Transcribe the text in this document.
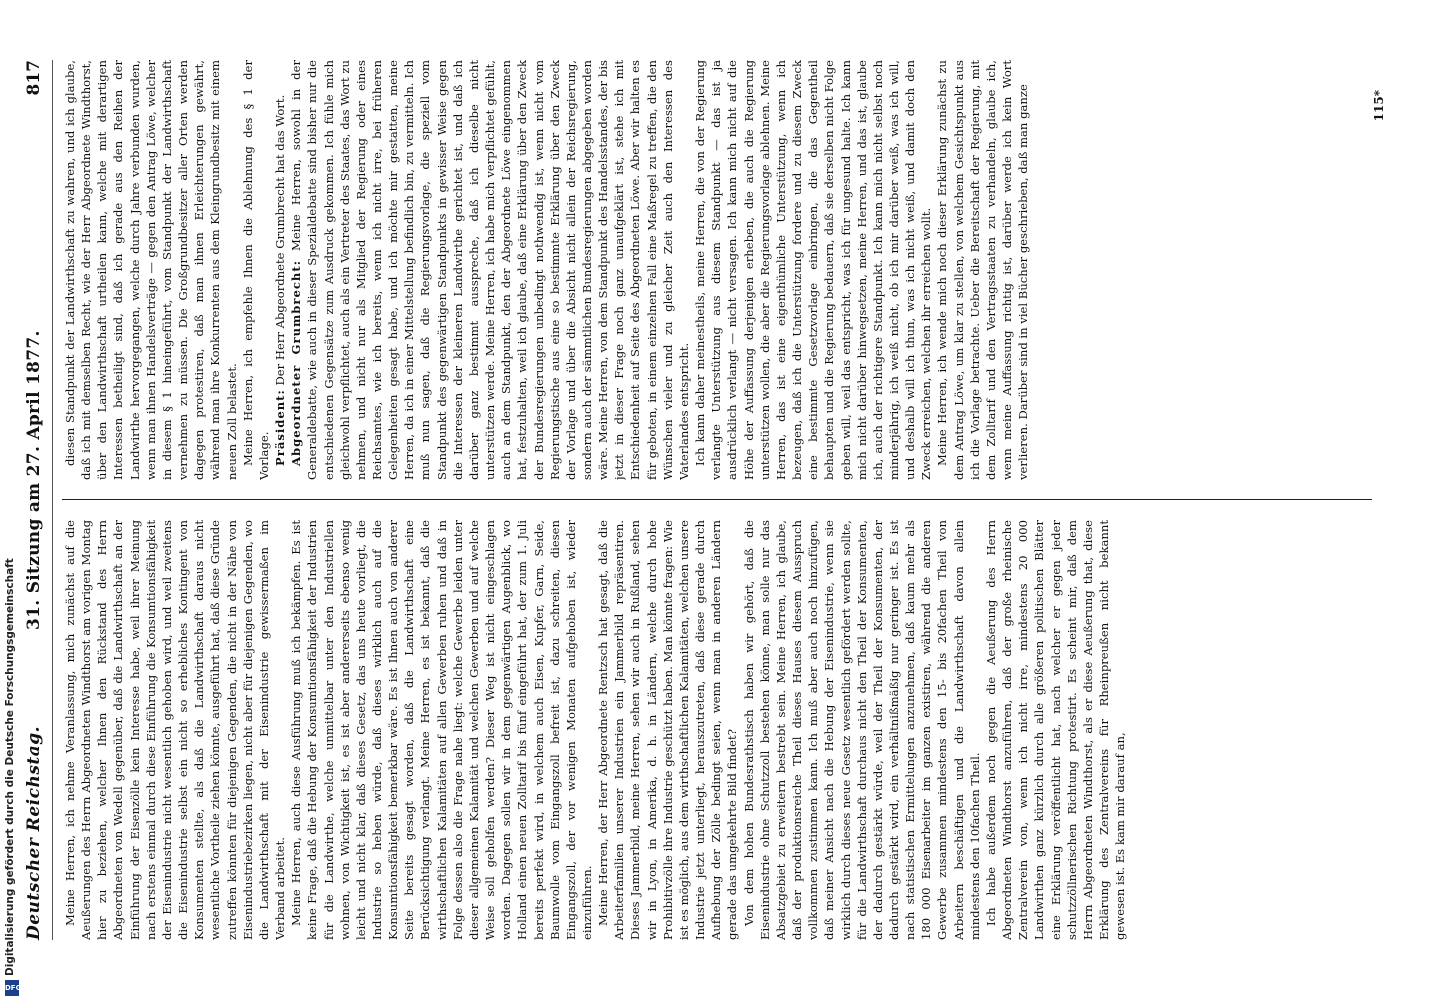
Deutscher Reichstag.
31. Sitzung am 27. April 1877.
817

Meine Herren, ich nehme Veranlassung, mich zunächst auf die Aeußerungen des Herrn Abgeordneten Windthorst am vorigen Montag hier zu beziehen, welcher Ihnen den Rückstand des Herrn Abgeordneten von Wedell gegenüber, daß die Landwirthschaft an der Einführung der Eisenzölle kein Interesse habe, weil ihrer Meinung nach erstens einmal durch diese Einführung die Konsumtionsfähigkeit der Eisenindustrie nicht wesentlich gehoben wird, und weil zweitens die Eisenindustrie selbst ein nicht so erhebliches Kontingent von Konsumenten stellte, als daß die Landwirthschaft daraus nicht wesentliche Vortheile ziehen könnte, ausgeführt hat, daß diese Gründe zutreffen könnten für diejenigen Gegenden, die nicht in der Nähe von Eisenindustriebezirken liegen, nicht aber für diejenigen Gegenden, wo die Landwirthschaft mit der Eisenindustrie gewissermaßen im Verband arbeitet. Meine Herren, auch diese Ausführung muß ich bekämpfen. Es ist keine Frage, daß die Hebung der Konsumtionsfähigkeit der Industrien für die Landwirthe, welche unmittelbar unter den Industriellen wohnen, von Wichtigkeit ist, es ist aber andererseits ebenso wenig leicht und nicht klar, daß dieses Gesetz, das uns heute vorliegt, die Industrie so heben würde, daß dieses wirklich auch auf die Konsumtionsfähigkeit bemerkbar wäre. Es ist Ihnen auch von anderer Seite bereits gesagt worden, daß die Landwirthschaft eine Berücksichtigung verlangt. Meine Herren, es ist bekannt, daß die wirthschaftlichen Kalamitäten auf allen Gewerben ruhen und daß in Folge dessen also die Frage nahe liegt: welche Gewerbe leiden unter dieser allgemeinen Kalamität und welchen Gewerben und auf welche Weise soll geholfen werden? Dieser Weg ist nicht eingeschlagen worden. Dagegen sollen wir in dem gegenwärtigen Augenblick, wo Holland einen neuen Zolltarif bis fünf eingeführt hat, der zum 1. Juli bereits perfekt wird, in welchem auch Eisen, Kupfer, Garn, Seide, Baumwolle vom Eingangszoll befreit ist, dazu schreiten, diesen Eingangszoll, der vor wenigen Monaten aufgehoben ist, wieder einzuführen. Meine Herren, der Herr Abgeordnete Rentzsch hat gesagt, daß die Arbeiterfamilien unserer Industrien ein Jammerbild repräsentiren. Dieses Jammerbild, meine Herren, sehen wir auch in Rußland, sehen wir in Lyon, in Amerika, d. h. in Ländern, welche durch hohe Prohibitivzölle ihre Industrie geschützt haben. Man könnte fragen: Wie ist es möglich, aus dem wirthschaftlichen Kalamitäten, welchen unsere Industrie jetzt unterliegt, herauszutreten, daß diese gerade durch Aufhebung der Zölle bedingt seien, wenn man in anderen Ländern gerade das umgekehrte Bild findet? Von dem hohen Bundesrathstisch haben wir gehört, daß die Eisenindustrie ohne Schutzzoll bestehen könne, man solle nur das Absatzgebiet zu erweitern bestrebt sein. Meine Herren, ich glaube, daß der produktionsreiche Theil dieses Hauses diesem Ausspruch vollkommen zustimmen kann. Ich muß aber auch noch hinzufügen, daß meiner Ansicht nach die Hebung der Eisenindustrie, wenn sie wirklich durch dieses neue Gesetz wesentlich gefördert werden sollte, für die Landwirthschaft durchaus nicht den Theil der Konsumenten, der dadurch gestärkt würde, weil der Theil der Konsumenten, der dadurch gestärkt wird, ein verhältnißmäßig nur geringer ist. Es ist nach statistischen Ermittelungen anzunehmen, daß kaum mehr als 180 000 Eisenarbeiter im ganzen existiren, während die anderen Gewerbe zusammen mindestens den 15- bis 20fachen Theil von Arbeitern beschäftigen und die Landwirthschaft davon allein mindestens den 10fachen Theil. Ich habe außerdem noch gegen die Aeußerung des Herrn Abgeordneten Windthorst anzuführen, daß der große rheinische Zentralverein von, wenn ich nicht irre, mindestens 20 000 Landwirthen ganz kürzlich durch alle größeren politischen Blätter eine Erklärung veröffentlicht hat, nach welcher er gegen jeder schutzzöllnerischen Richtung protestirt. Es scheint mir, daß dem Herrn Abgeordneten Windthorst, als er diese Aeußerung that, diese Erklärung des Zentralvereins für Rheinpreußen nicht bekannt gewesen ist. Es kam mir darauf an,

diesen Standpunkt der Landwirthschaft zu wahren, und ich glaube, daß ich mit demselben Recht, wie der Herr Abgeordnete Windthorst, über den Landwirthschaft urtheilen kann, welche mit derartigen Interessen betheiligt sind, daß ich gerade aus den Reihen der Landwirthe hervorgegangen, welche durch Jahre verbunden wurden, wenn man ihnen Handelsverträge — gegen den Antrag Löwe, welcher in diesem § 1 hineingeführt, vom Standpunkt der Landwirthschaft vernehmen zu müssen. Die Großgrundbesitzer aller Orten werden dagegen protestiren, daß man ihnen Erleichterungen gewährt, während man ihre Konkurrenten aus dem Kleingrundbesitz mit einem neuen Zoll belastet. Meine Herren, ich empfehle Ihnen die Ablehnung des § 1 der Vorlage. Präsident: Der Herr Abgeordnete Grumbrecht hat das Wort. Abgeordneter Grumbrecht: Meine Herren, sowohl in der Generaldebatte, wie auch in dieser Spezialdebatte sind bisher nur die entschiedenen Gegensätze zum Ausdruck gekommen. Ich fühle mich gleichwohl verpflichtet, auch als ein Vertreter des Staates, das Wort zu nehmen, und nicht nur als Mitglied der Regierung oder eines Reichsamtes, wie ich bereits, wenn ich nicht irre, bei früheren Gelegenheiten gesagt habe, und ich möchte mir gestatten, meine Herren, da ich in einer Mittelstellung befindlich bin, zu vermitteln. Ich muß nun sagen, daß die Regierungsvorlage, die speziell vom Standpunkt des gegenwärtigen Standpunkts in gewisser Weise gegen die Interessen der kleineren Landwirthe gerichtet ist, und daß ich darüber ganz bestimmt ausspreche, daß ich dieselbe nicht unterstützen werde. Meine Herren, ich habe mich verpflichtet gefühlt, auch an dem Standpunkt, den der Abgeordnete Löwe eingenommen hat, festzuhalten, weil ich glaube, daß eine Erklärung über den Zweck der Bundesregierungen unbedingt nothwendig ist, wenn nicht vom Regierungstische aus eine so bestimmte Erklärung über den Zweck der Vorlage und über die Absicht nicht allein der Reichsregierung, sondern auch der sämmtlichen Bundesregierungen abgegeben worden wäre. Meine Herren, von dem Standpunkt des Handelsstandes, der bis jetzt in dieser Frage noch ganz unaufgeklärt ist, stehe ich mit Entschiedenheit auf Seite des Abgeordneten Löwe. Aber wir halten es für geboten, in einem einzelnen Fall eine Maßregel zu treffen, die den Wünschen vieler und zu gleicher Zeit auch den Interessen des Vaterlandes entspricht. Ich kann daher meinestheils, meine Herren, die von der Regierung verlangte Unterstützung aus diesem Standpunkt — das ist ja ausdrücklich verlangt — nicht versagen. Ich kann mich nicht auf die Höhe der Auffassung derjenigen erheben, die auch die Regierung unterstützen wollen, die aber die Regierungsvorlage ablehnen. Meine Herren, das ist eine eigenthümliche Unterstützung, wenn ich bezeugen, daß ich die Unterstützung fordere und zu diesem Zweck eine bestimmte Gesetzvorlage einbringen, die das Gegentheil behaupten und die Regierung bedauern, daß sie derselben nicht Folge geben will, weil das entspricht, was ich für ungesund halte. Ich kann mich nicht darüber hinwegsetzen, meine Herren, und das ist, glaube ich, auch der richtigere Standpunkt. Ich kann mich nicht selbst noch minderjährig, ich weiß nicht, ob ich mir darüber weiß, was ich will, und deshalb will ich thun, was ich nicht weiß, und damit doch den Zweck erreichen, welchen ihr erreichen wollt. Meine Herren, ich wende mich noch dieser Erklärung zunächst zu dem Antrag Löwe, um klar zu stellen, von welchem Gesichtspunkt aus ich die Vorlage betrachte. Ueber die Bereitschaft der Regierung, mit dem Zolltarif und den Vertragsstaaten zu verhandeln, glaube ich, wenn meine Auffassung richtig ist, darüber werde ich kein Wort verlieren. Darüber sind in viel Bücher geschrieben, daß man ganze	115*
DFG
Digitalisierung gefördert durch die Deutsche Forschungsgemeinschaft
